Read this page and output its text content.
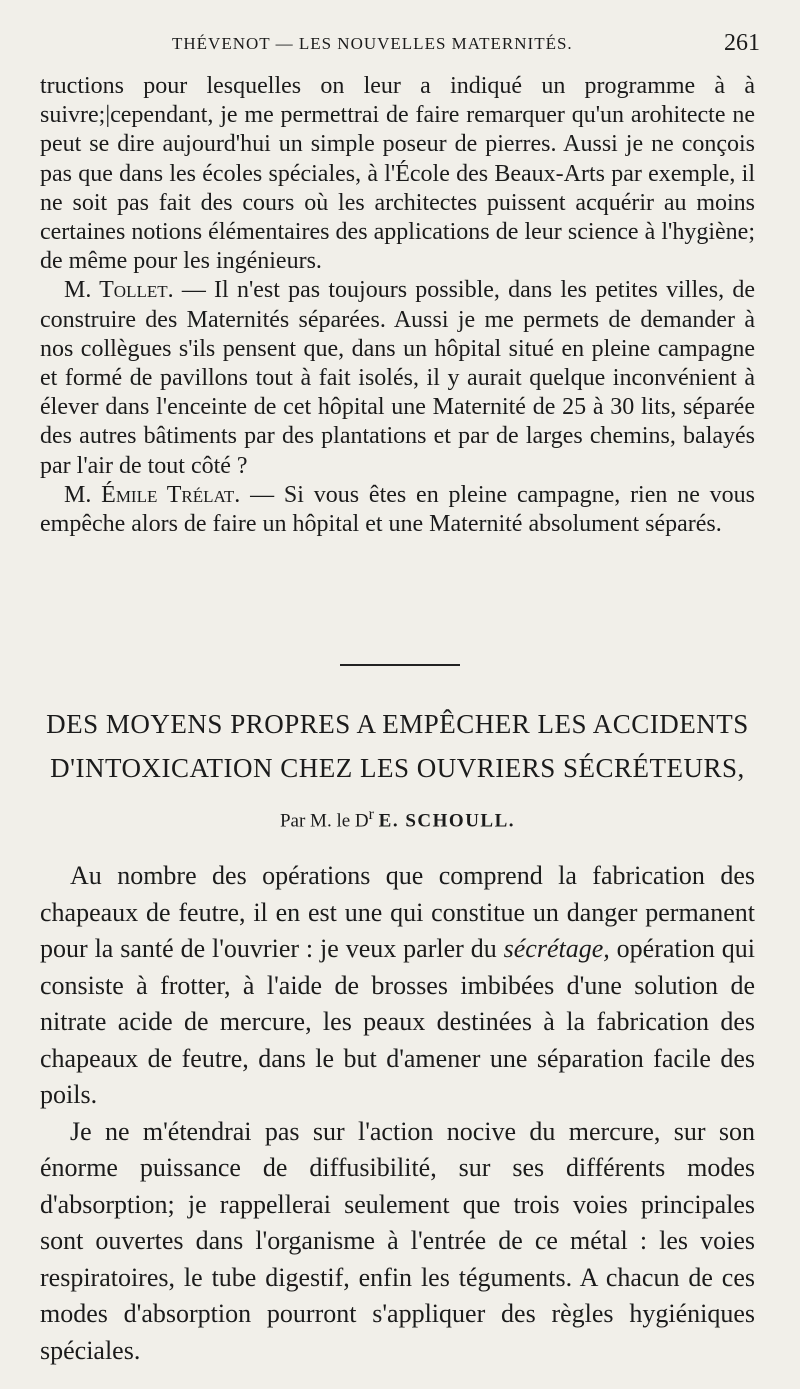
THÉVENOT — LES NOUVELLES MATERNITÉS.	261

tructions pour lesquelles on leur a indiqué un programme à à suivre;|cependant, je me permettrai de faire remarquer qu'un arohitecte ne peut se dire aujourd'hui un simple poseur de pierres. Aussi je ne conçois pas que dans les écoles spéciales, à l'École des Beaux-Arts par exemple, il ne soit pas fait des cours où les architectes puissent acquérir au moins certaines notions élémentaires des applications de leur science à l'hygiène; de même pour les ingénieurs.

M. Tollet. — Il n'est pas toujours possible, dans les petites villes, de construire des Maternités séparées. Aussi je me permets de demander à nos collègues s'ils pensent que, dans un hôpital situé en pleine campagne et formé de pavillons tout à fait isolés, il y aurait quelque inconvénient à élever dans l'enceinte de cet hôpital une Maternité de 25 à 30 lits, séparée des autres bâtiments par des plantations et par de larges chemins, balayés par l'air de tout côté ?

M. Émile Trélat. — Si vous êtes en pleine campagne, rien ne vous empêche alors de faire un hôpital et une Maternité absolument séparés.

DES MOYENS PROPRES A EMPÊCHER LES ACCIDENTS
D'INTOXICATION CHEZ LES OUVRIERS SÉCRÉTEURS,
Par M. le $D^r$ E. SCHOULL.

Au nombre des opérations que comprend la fabrication des chapeaux de feutre, il en est une qui constitue un danger permanent pour la santé de l'ouvrier : je veux parler du sécrétage, opération qui consiste à frotter, à l'aide de brosses imbibées d'une solution de nitrate acide de mercure, les peaux destinées à la fabrication des chapeaux de feutre, dans le but d'amener une séparation facile des poils.

Je ne m'étendrai pas sur l'action nocive du mercure, sur son énorme puissance de diffusibilité, sur ses différents modes d'absorption; je rappellerai seulement que trois voies principales sont ouvertes dans l'organisme à l'entrée de ce métal : les voies respiratoires, le tube digestif, enfin les téguments. A chacun de ces modes d'absorption pourront s'appliquer des règles hygiéniques spéciales.
